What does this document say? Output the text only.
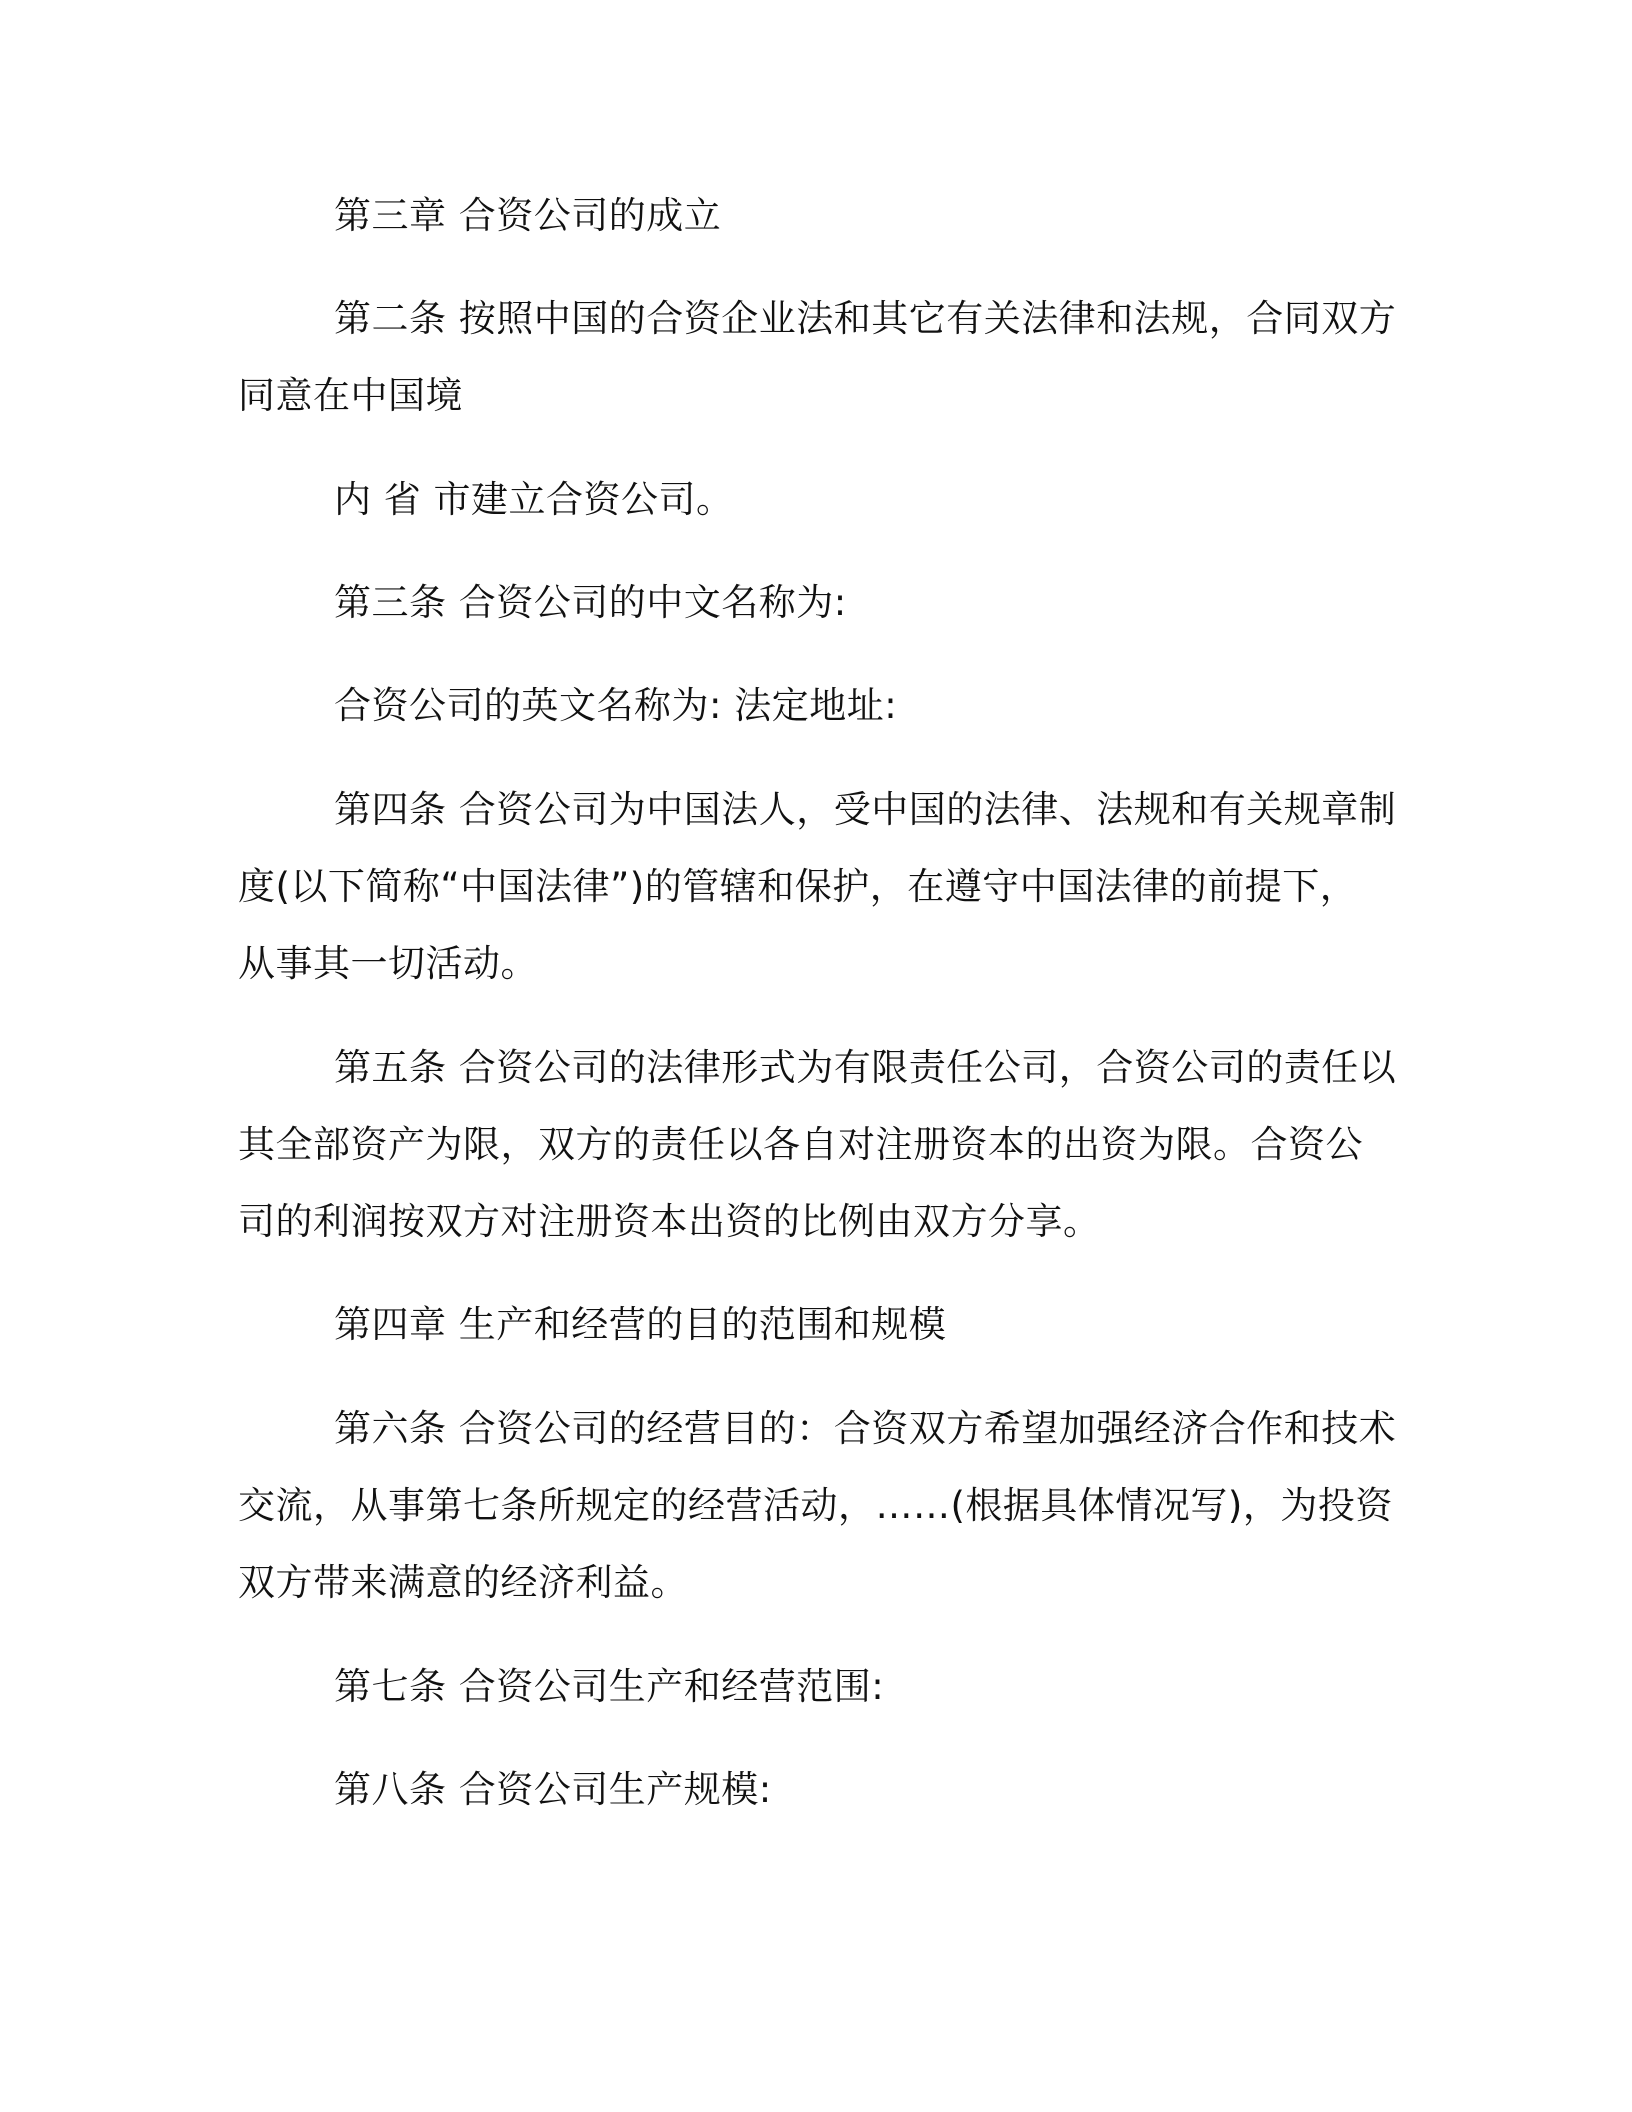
第三章 合资公司的成立
第二条 按照中国的合资企业法和其它有关法律和法规，合同双方
同意在中国境
内 省 市建立合资公司。
第三条 合资公司的中文名称为:
合资公司的英文名称为: 法定地址:
第四条 合资公司为中国法人，受中国的法律、法规和有关规章制
度(以下简称“中国法律”)的管辖和保护，在遵守中国法律的前提下，
从事其一切活动。
第五条 合资公司的法律形式为有限责任公司，合资公司的责任以
其全部资产为限，双方的责任以各自对注册资本的出资为限。合资公
司的利润按双方对注册资本出资的比例由双方分享。
第四章 生产和经营的目的范围和规模
第六条 合资公司的经营目的：合资双方希望加强经济合作和技术
交流，从事第七条所规定的经营活动，……(根据具体情况写)，为投资
双方带来满意的经济利益。
第七条 合资公司生产和经营范围:
第八条 合资公司生产规模:
